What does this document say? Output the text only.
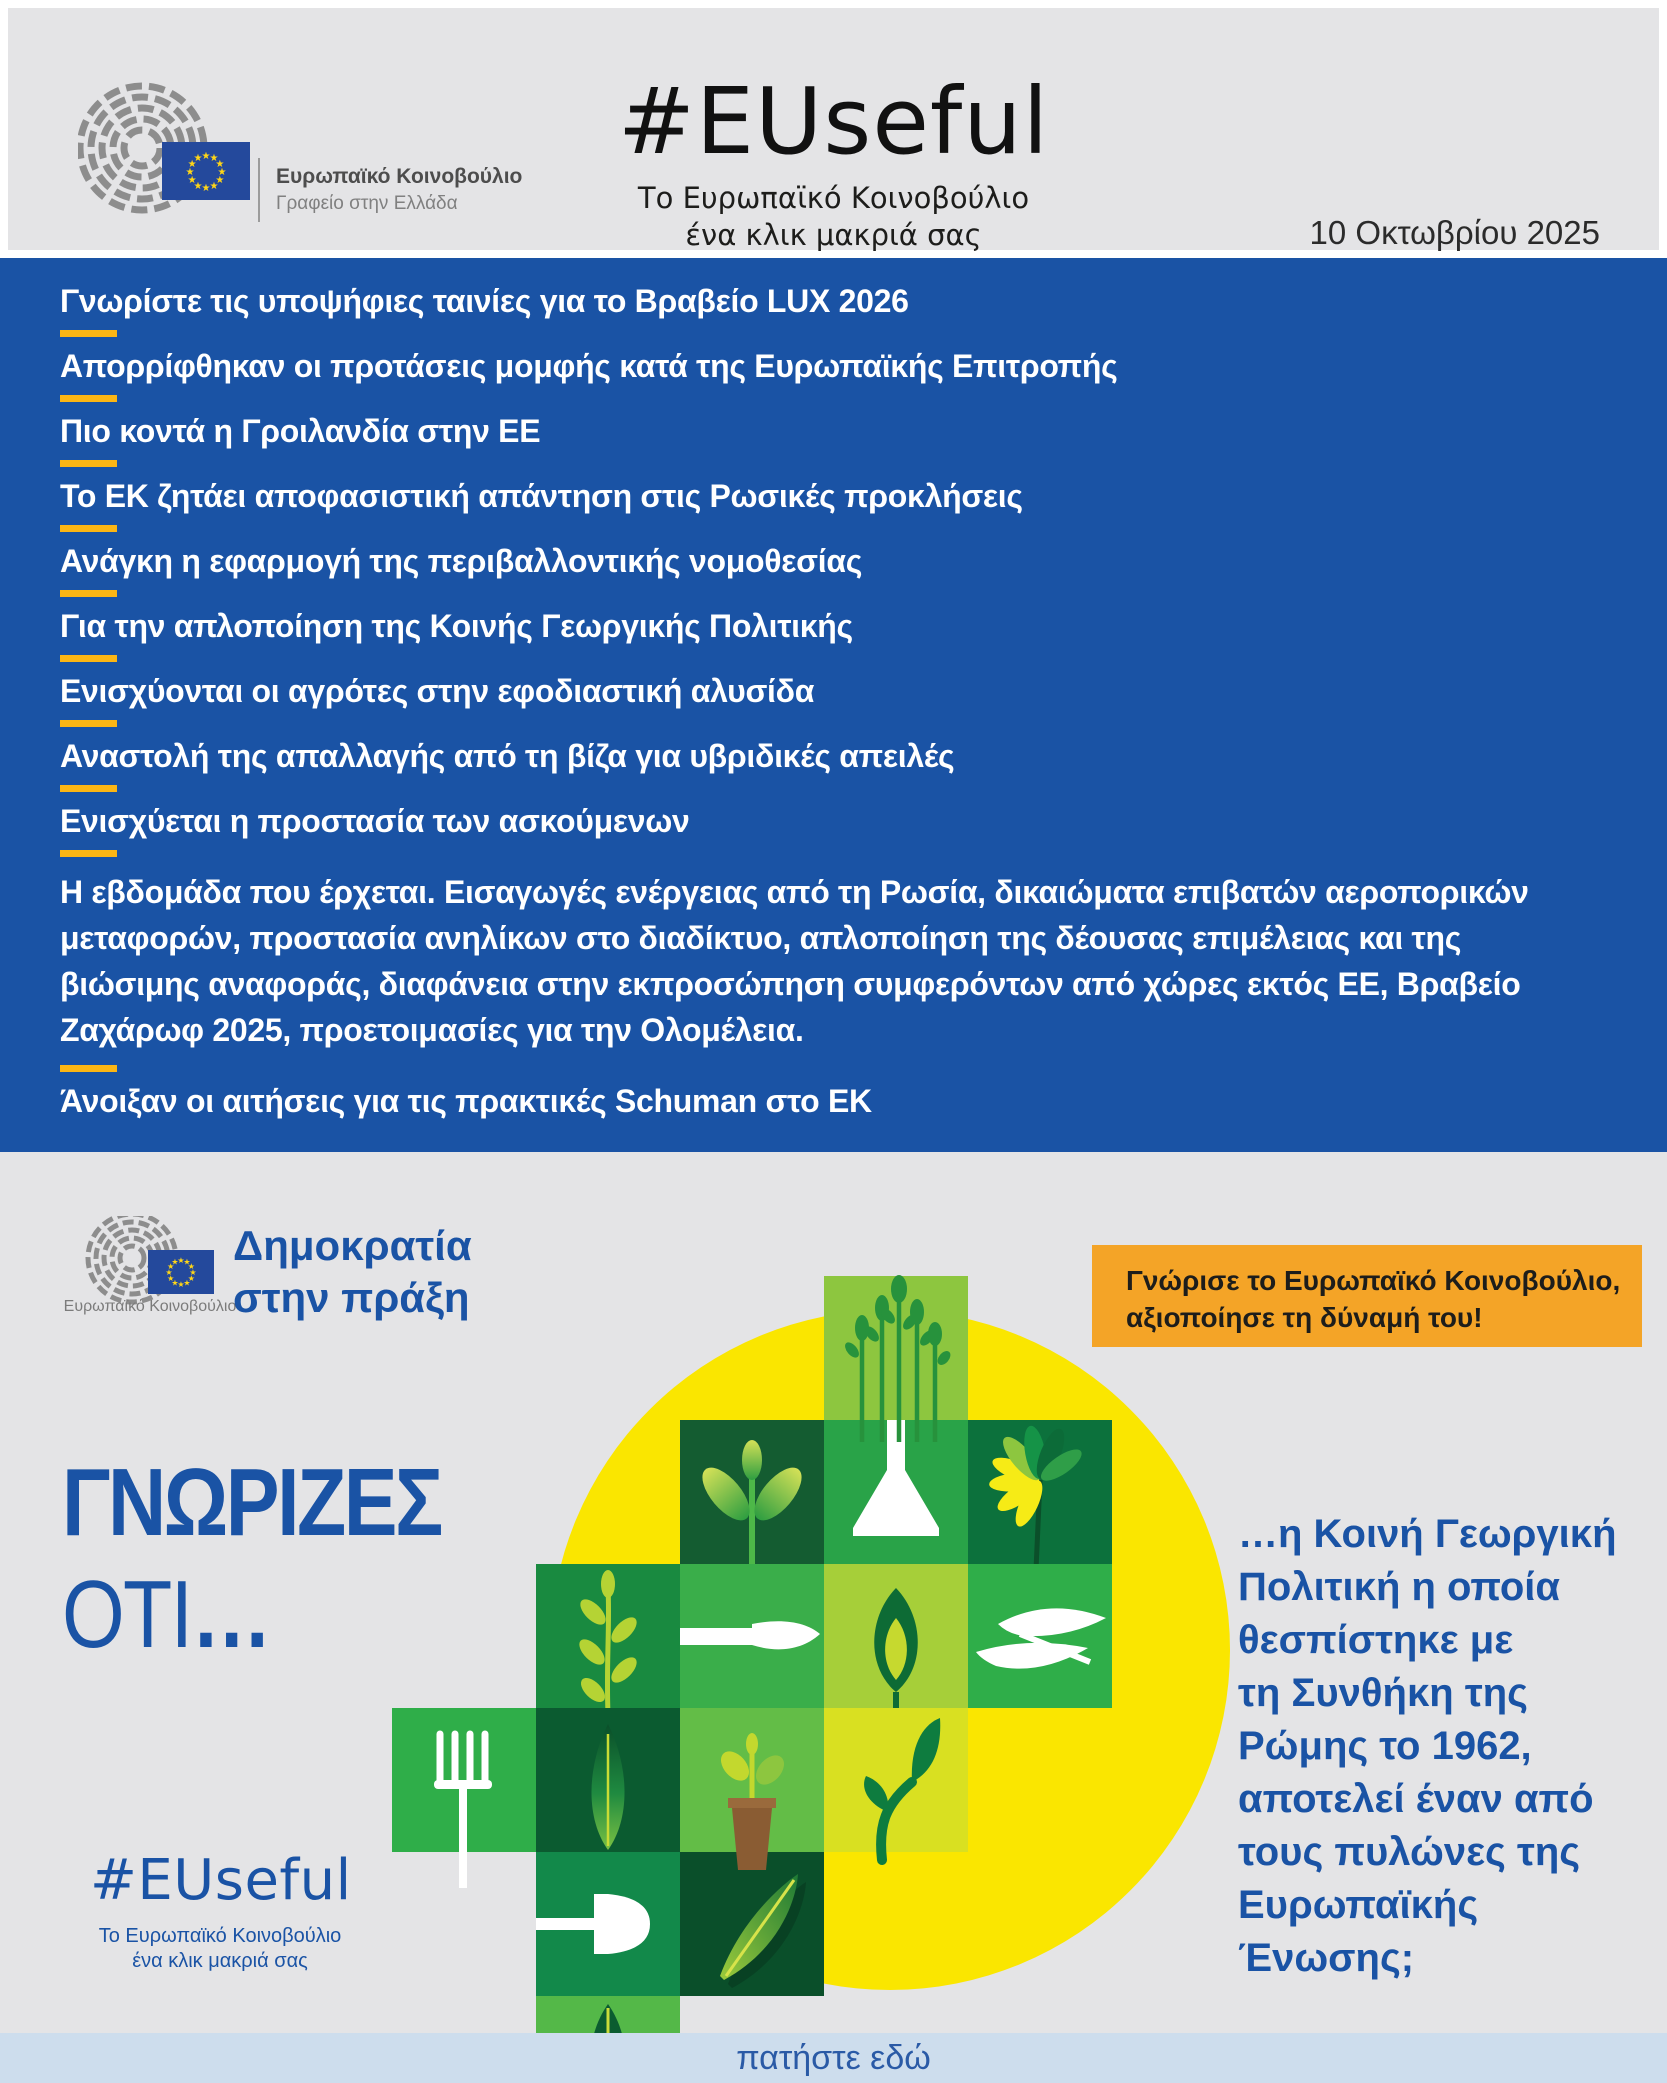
★
★
★
★
★
★
★
★
★ ★ ★
★
Ευρωπαϊκό Κοινοβούλιο
Γραφείο στην Ελλάδα
#EUseful
Το Ευρωπαϊκό Κοινοβούλιο
ένα κλικ μακριά σας	10 Οκτωβρίου 2025
Γνωρίστε τις υποψήφιες ταινίες για το Βραβείο LUX 2026
Απορρίφθηκαν οι προτάσεις μομφής κατά της Ευρωπαϊκής Επιτροπής
Πιο κοντά η Γροιλανδία στην ΕΕ
Το ΕΚ ζητάει αποφασιστική απάντηση στις Ρωσικές προκλήσεις
Ανάγκη η εφαρμογή της περιβαλλοντικής νομοθεσίας
Για την απλοποίηση της Κοινής Γεωργικής Πολιτικής
Ενισχύονται οι αγρότες στην εφοδιαστική αλυσίδα
Αναστολή της απαλλαγής από τη βίζα για υβριδικές απειλές
Ενισχύεται η προστασία των ασκούμενων
Η εβδομάδα που έρχεται. Εισαγωγές ενέργειας από τη Ρωσία, δικαιώματα επιβατών αεροπορικών μεταφορών, προστασία ανηλίκων στο διαδίκτυο, απλοποίηση της δέουσας επιμέλειας και της βιώσιμης αναφοράς, διαφάνεια στην εκπροσώπηση συμφερόντων από χώρες εκτός ΕΕ, Βραβείο Ζαχάρωφ 2025, προετοιμασίες για την Ολομέλεια.
Άνοιξαν οι αιτήσεις για τις πρακτικές Schuman στο ΕΚ
★
★
★
★
★
★
★
★
★
★
★
★
Ευρωπαϊκό Κοινοβούλιο
Δημοκρατία
στην πράξη	Γνώρισε το Ευρωπαϊκό Κοινοβούλιο,
αξιοποίησε τη δύναμή του!
ΓΝΩΡΙΖΕΣ
ΟΤΙ…
…η Κοινή Γεωργική
Πολιτική η οποία
θεσπίστηκε με
τη Συνθήκη της
Ρώμης το 1962,
αποτελεί έναν από
τους πυλώνες της
Ευρωπαϊκής Ένωσης;
#EUseful
Το Ευρωπαϊκό Κοινοβούλιο
ένα κλικ μακριά σας
πατήστε εδώ
